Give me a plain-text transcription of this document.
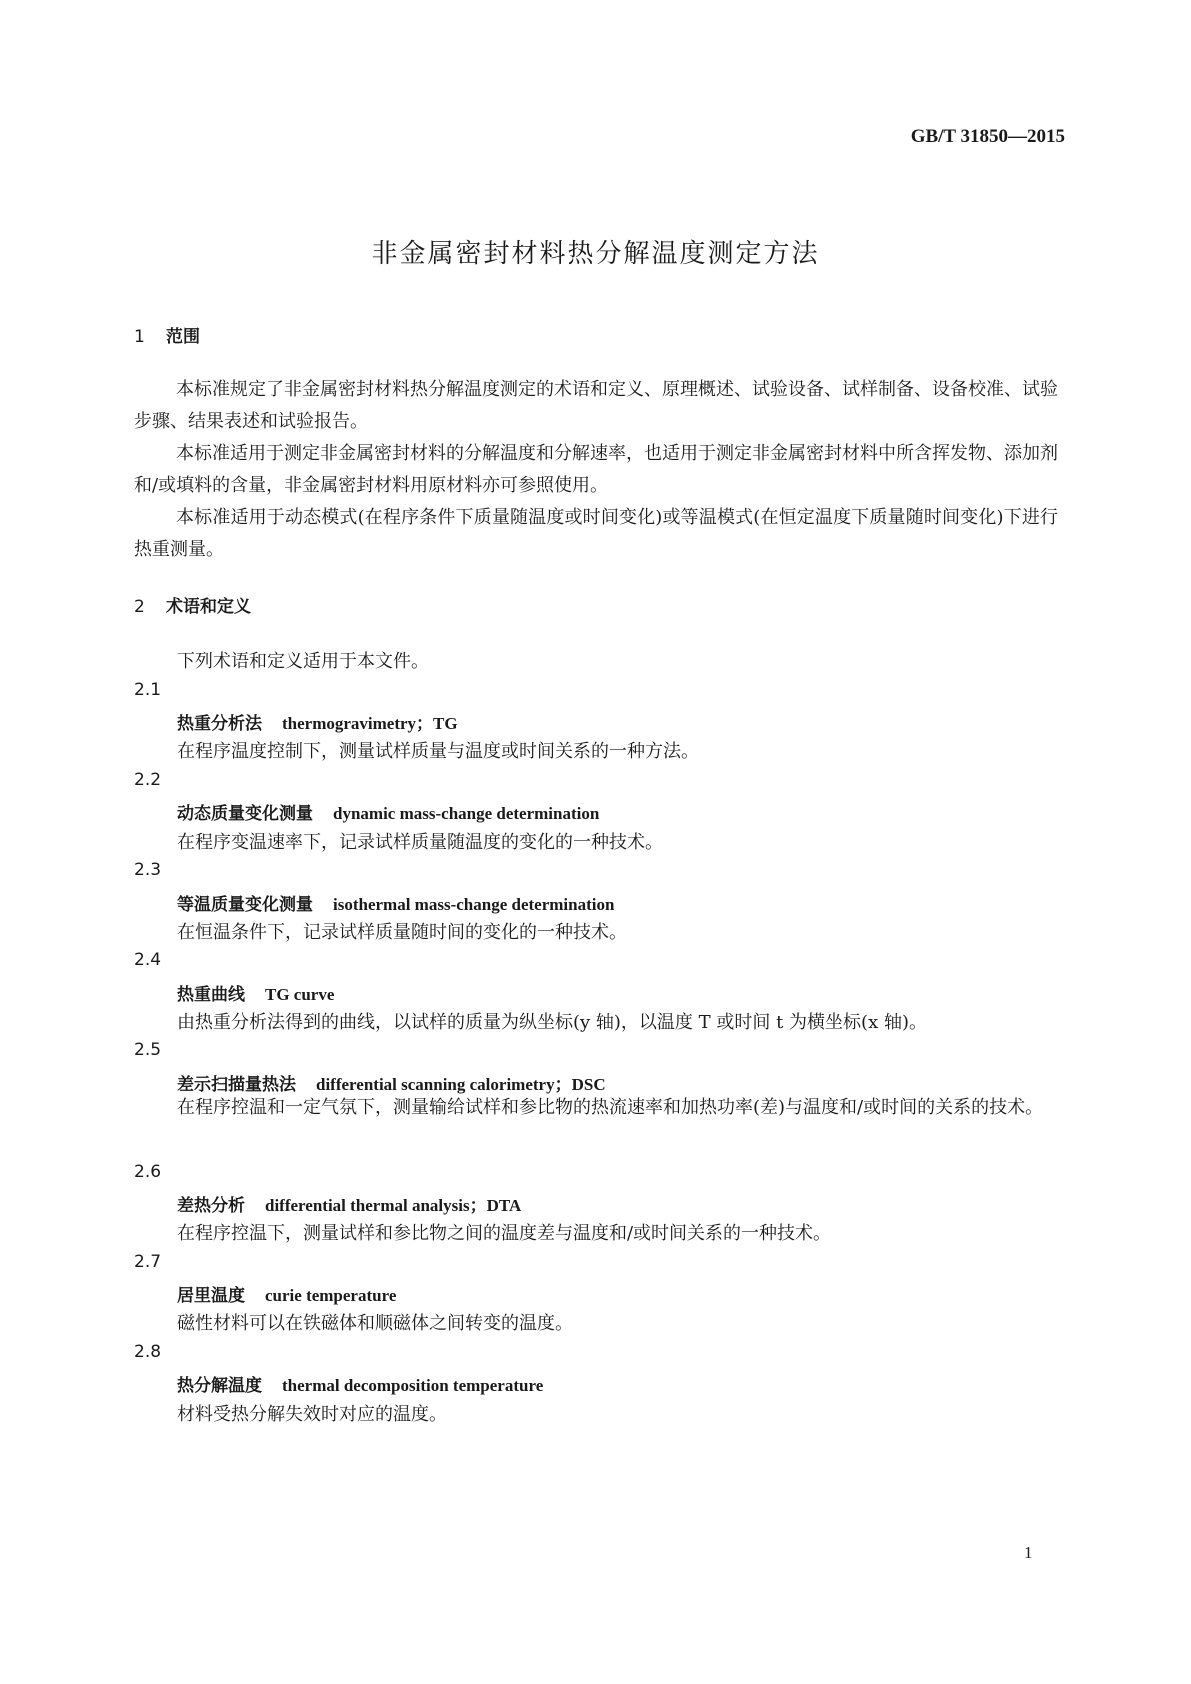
GB/T 31850—2015
非金属密封材料热分解温度测定方法
1 范围
本标准规定了非金属密封材料热分解温度测定的术语和定义、原理概述、试验设备、试样制备、设备校准、试验步骤、结果表述和试验报告。
本标准适用于测定非金属密封材料的分解温度和分解速率，也适用于测定非金属密封材料中所含挥发物、添加剂和/或填料的含量，非金属密封材料用原材料亦可参照使用。
本标准适用于动态模式(在程序条件下质量随温度或时间变化)或等温模式(在恒定温度下质量随时间变化)下进行热重测量。
2 术语和定义
下列术语和定义适用于本文件。
2.1
热重分析法 thermogravimetry；TG
在程序温度控制下，测量试样质量与温度或时间关系的一种方法。
2.2
动态质量变化测量 dynamic mass-change determination
在程序变温速率下，记录试样质量随温度的变化的一种技术。
2.3
等温质量变化测量 isothermal mass-change determination
在恒温条件下，记录试样质量随时间的变化的一种技术。
2.4
热重曲线 TG curve
由热重分析法得到的曲线，以试样的质量为纵坐标(y 轴)，以温度 T 或时间 t 为横坐标(x 轴)。
2.5
差示扫描量热法 differential scanning calorimetry；DSC
在程序控温和一定气氛下，测量输给试样和参比物的热流速率和加热功率(差)与温度和/或时间的关系的技术。
2.6
差热分析 differential thermal analysis；DTA
在程序控温下，测量试样和参比物之间的温度差与温度和/或时间关系的一种技术。
2.7
居里温度 curie temperature
磁性材料可以在铁磁体和顺磁体之间转变的温度。
2.8
热分解温度 thermal decomposition temperature
材料受热分解失效时对应的温度。
1
